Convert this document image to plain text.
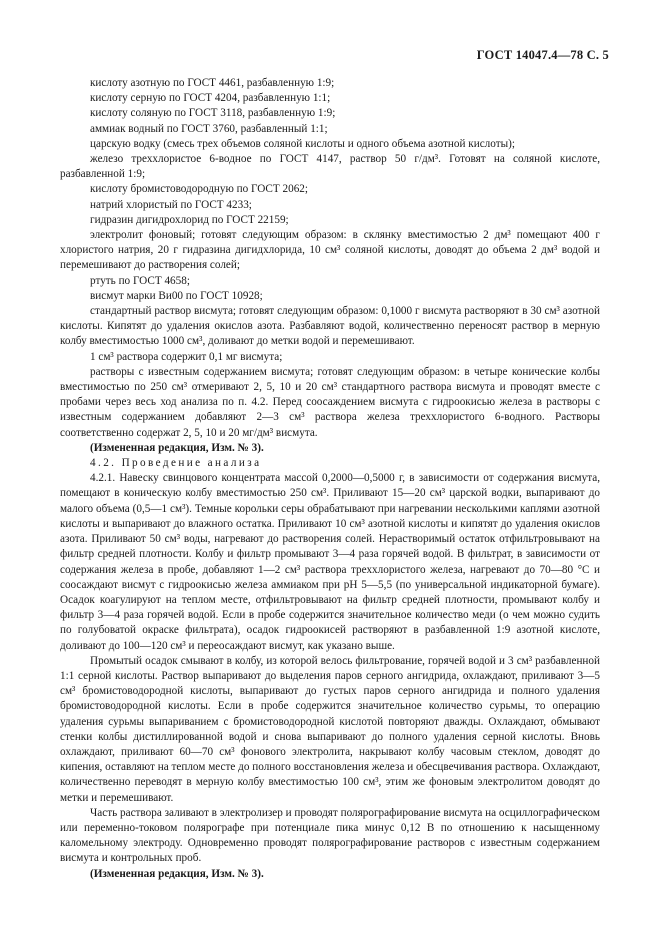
ГОСТ 14047.4—78 С. 5

кислоту азотную по ГОСТ 4461, разбавленную 1:9;

кислоту серную по ГОСТ 4204, разбавленную 1:1;

кислоту соляную по ГОСТ 3118, разбавленную 1:9;

аммиак водный по ГОСТ 3760, разбавленный 1:1;

царскую водку (смесь трех объемов соляной кислоты и одного объема азотной кислоты);

железо треххлористое 6-водное по ГОСТ 4147, раствор 50 г/дм³. Готовят на соляной кислоте, разбавленной 1:9;

кислоту бромистоводородную по ГОСТ 2062;

натрий хлористый по ГОСТ 4233;

гидразин дигидрохлорид по ГОСТ 22159;

электролит фоновый; готовят следующим образом: в склянку вместимостью 2 дм³ помещают 400 г хлористого натрия, 20 г гидразина дигидхлорида, 10 см³ соляной кислоты, доводят до объема 2 дм³ водой и перемешивают до растворения солей;

ртуть по ГОСТ 4658;

висмут марки Ви00 по ГОСТ 10928;

стандартный раствор висмута; готовят следующим образом: 0,1000 г висмута растворяют в 30 см³ азотной кислоты. Кипятят до удаления окислов азота. Разбавляют водой, количественно переносят раствор в мерную колбу вместимостью 1000 см³, доливают до метки водой и перемешивают.

1 см³ раствора содержит 0,1 мг висмута;

растворы с известным содержанием висмута; готовят следующим образом: в четыре конические колбы вместимостью по 250 см³ отмеривают 2, 5, 10 и 20 см³ стандартного раствора висмута и проводят вместе с пробами через весь ход анализа по п. 4.2. Перед соосаждением висмута с гидроокисью железа в растворы с известным содержанием добавляют 2—3 см³ раствора железа треххлористого 6-водного. Растворы соответственно содержат 2, 5, 10 и 20 мг/дм³ висмута.

(Измененная редакция, Изм. № 3).

4.2. Проведение анализа

4.2.1. Навеску свинцового концентрата массой 0,2000—0,5000 г, в зависимости от содержания висмута, помещают в коническую колбу вместимостью 250 см³. Приливают 15—20 см³ царской водки, выпаривают до малого объема (0,5—1 см³). Темные корольки серы обрабатывают при нагревании несколькими каплями азотной кислоты и выпаривают до влажного остатка. Приливают 10 см³ азотной кислоты и кипятят до удаления окислов азота. Приливают 50 см³ воды, нагревают до растворения солей. Нерастворимый остаток отфильтровывают на фильтр средней плотности. Колбу и фильтр промывают 3—4 раза горячей водой. В фильтрат, в зависимости от содержания железа в пробе, добавляют 1—2 см³ раствора треххлористого железа, нагревают до 70—80 °С и соосаждают висмут с гидроокисью железа аммиаком при pH 5—5,5 (по универсальной индикаторной бумаге). Осадок коагулируют на теплом месте, отфильтровывают на фильтр средней плотности, промывают колбу и фильтр 3—4 раза горячей водой. Если в пробе содержится значительное количество меди (о чем можно судить по голубоватой окраске фильтрата), осадок гидроокисей растворяют в разбавленной 1:9 азотной кислоте, доливают до 100—120 см³ и переосаждают висмут, как указано выше.

Промытый осадок смывают в колбу, из которой велось фильтрование, горячей водой и 3 см³ разбавленной 1:1 серной кислоты. Раствор выпаривают до выделения паров серного ангидрида, охлаждают, приливают 3—5 см³ бромистоводородной кислоты, выпаривают до густых паров серного ангидрида и полного удаления бромистоводородной кислоты. Если в пробе содержится значительное количество сурьмы, то операцию удаления сурьмы выпариванием с бромистоводородной кислотой повторяют дважды. Охлаждают, обмывают стенки колбы дистиллированной водой и снова выпаривают до полного удаления серной кислоты. Вновь охлаждают, приливают 60—70 см³ фонового электролита, накрывают колбу часовым стеклом, доводят до кипения, оставляют на теплом месте до полного восстановления железа и обесцвечивания раствора. Охлаждают, количественно переводят в мерную колбу вместимостью 100 см³, этим же фоновым электролитом доводят до метки и перемешивают.

Часть раствора заливают в электролизер и проводят полярографирование висмута на осциллографическом или переменно-токовом полярографе при потенциале пика минус 0,12 В по отношению к насыщенному каломельному электроду. Одновременно проводят полярографирование растворов с известным содержанием висмута и контрольных проб.

(Измененная редакция, Изм. № 3).
